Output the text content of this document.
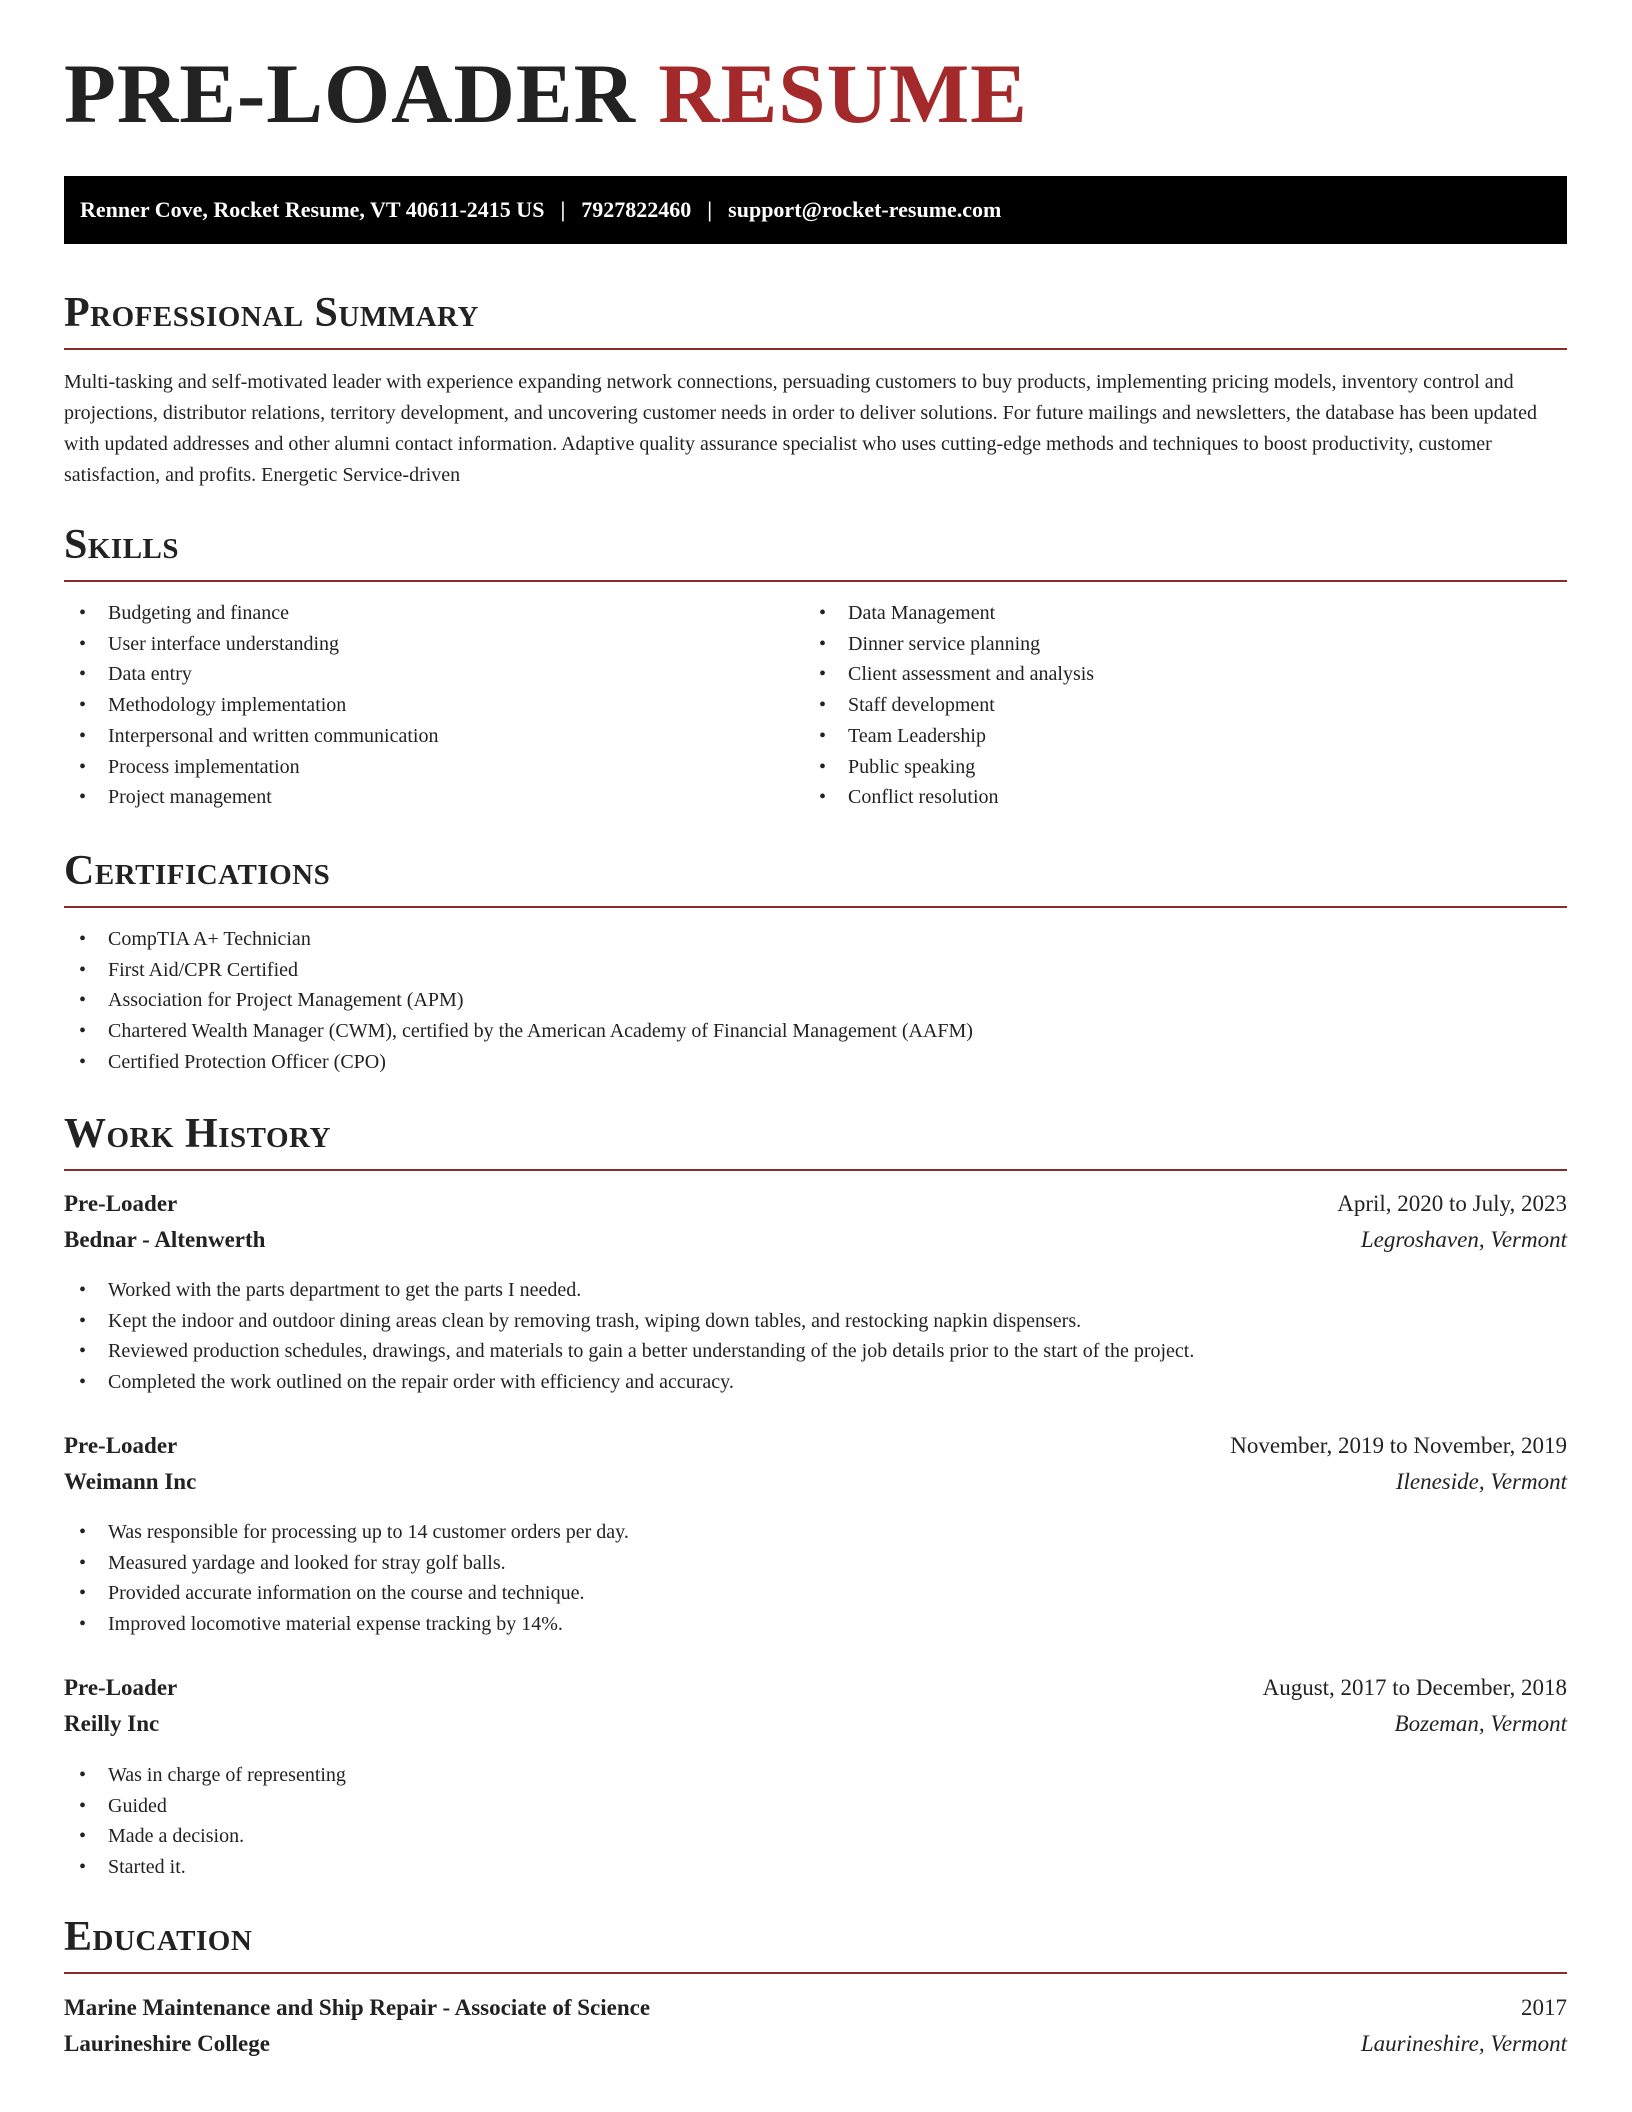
PRE-LOADER RESUME
Renner Cove, Rocket Resume, VT 40611-2415 US | 7927822460 | support@rocket-resume.com
Professional Summary

Multi-tasking and self-motivated leader with experience expanding network connections, persuading customers to buy products, implementing pricing models, inventory control and projections, distributor relations, territory development, and uncovering customer needs in order to deliver solutions. For future mailings and newsletters, the database has been updated with updated addresses and other alumni contact information. Adaptive quality assurance specialist who uses cutting-edge methods and techniques to boost productivity, customer satisfaction, and profits. Energetic Service-driven

Skills
• Budgeting and finance
• User interface understanding
• Data entry
• Methodology implementation
• Interpersonal and written communication
• Process implementation
• Project management
• Data Management
• Dinner service planning
• Client assessment and analysis
• Staff development
• Team Leadership
• Public speaking
• Conflict resolution
Certifications
• CompTIA A+ Technician
• First Aid/CPR Certified
• Association for Project Management (APM)
• Chartered Wealth Manager (CWM), certified by the American Academy of Financial Management (AAFM)
• Certified Protection Officer (CPO)
Work History
Pre-Loader	April, 2020 to July, 2023
Bednar - Altenwerth	Legroshaven, Vermont
• Worked with the parts department to get the parts I needed.
• Kept the indoor and outdoor dining areas clean by removing trash, wiping down tables, and restocking napkin dispensers.
• Reviewed production schedules, drawings, and materials to gain a better understanding of the job details prior to the start of the project.
• Completed the work outlined on the repair order with efficiency and accuracy.
Pre-Loader	November, 2019 to November, 2019
Weimann Inc	Ileneside, Vermont
• Was responsible for processing up to 14 customer orders per day.
• Measured yardage and looked for stray golf balls.
• Provided accurate information on the course and technique.
• Improved locomotive material expense tracking by 14%.
Pre-Loader	August, 2017 to December, 2018
Reilly Inc	Bozeman, Vermont
• Was in charge of representing
• Guided
• Made a decision.
• Started it.
Education
Marine Maintenance and Ship Repair - Associate of Science	2017
Laurineshire College	Laurineshire, Vermont
